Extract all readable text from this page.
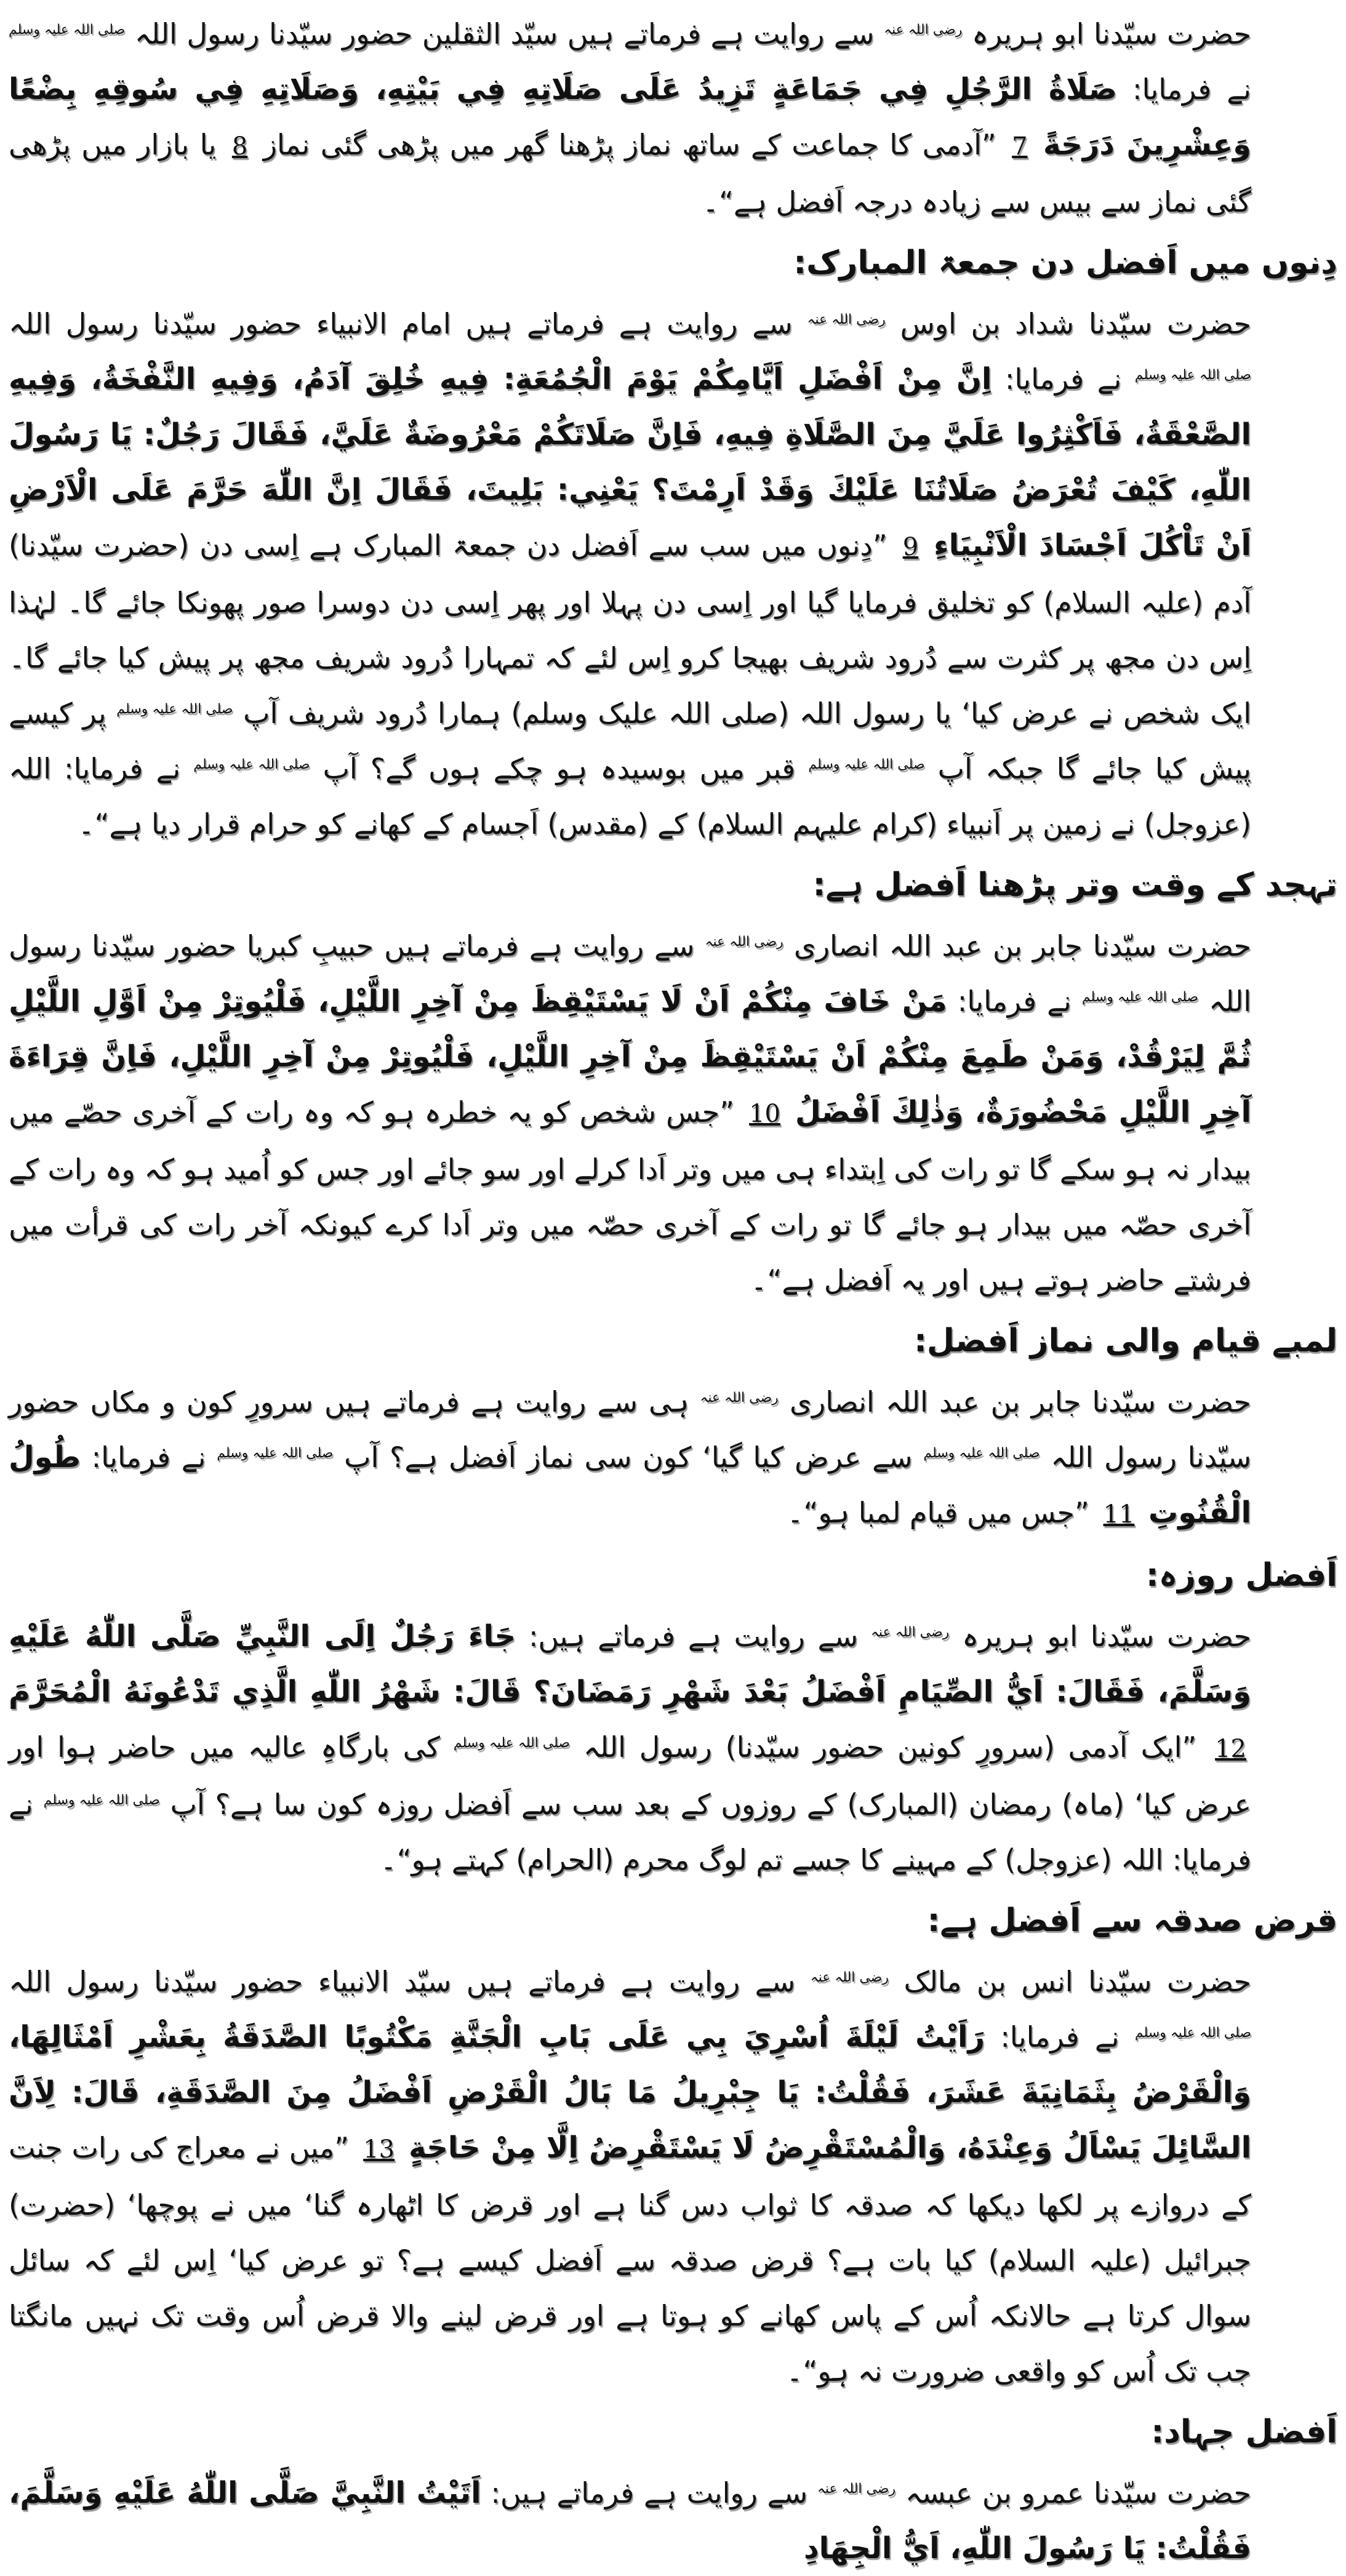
حضرت سیّدنا ابو ہریرہ رضی اللہ عنہ سے روایت ہے فرماتے ہیں سیّد الثقلین حضور سیّدنا رسول اللہ صلی اللہ علیہ وسلم نے فرمایا: صَلَاةُ الرَّجُلِ فِي جَمَاعَةٍ تَزِيدُ عَلَى صَلَاتِهِ فِي بَيْتِهِ، وَصَلَاتِهِ فِي سُوقِهِ بِضْعًا وَعِشْرِينَ دَرَجَةً 7 ”آدمی کا جماعت کے ساتھ نماز پڑھنا گھر میں پڑھی گئی نماز 8 یا بازار میں پڑھی گئی نماز سے بیس سے زیادہ درجہ اَفضل ہے“۔

دِنوں میں اَفضل دن جمعۃ المبارک:

حضرت سیّدنا شداد بن اوس رضی اللہ عنہ سے روایت ہے فرماتے ہیں امام الانبیاء حضور سیّدنا رسول اللہ صلی اللہ علیہ وسلم نے فرمایا: اِنَّ مِنْ اَفْضَلِ اَيَّامِكُمْ يَوْمَ الْجُمُعَةِ: فِيهِ خُلِقَ آدَمُ، وَفِيهِ النَّفْخَةُ، وَفِيهِ الصَّعْقَةُ، فَاَكْثِرُوا عَلَيَّ مِنَ الصَّلَاةِ فِيهِ، فَاِنَّ صَلَاتَكُمْ مَعْرُوضَةٌ عَلَيَّ، فَقَالَ رَجُلٌ: يَا رَسُولَ اللّٰهِ، كَيْفَ تُعْرَضُ صَلَاتُنَا عَلَيْكَ وَقَدْ اَرِمْتَ؟ يَعْنِي: بَلِيتَ، فَقَالَ اِنَّ اللّٰهَ حَرَّمَ عَلَى الْاَرْضِ اَنْ تَاْكُلَ اَجْسَادَ الْاَنْبِيَاءِ 9 ”دِنوں میں سب سے اَفضل دن جمعۃ المبارک ہے اِسی دن (حضرت سیّدنا) آدم (علیہ السلام) کو تخلیق فرمایا گیا اور اِسی دن پہلا اور پھر اِسی دن دوسرا صور پھونکا جائے گا۔ لہٰذا اِس دن مجھ پر کثرت سے دُرود شریف بھیجا کرو اِس لئے کہ تمہارا دُرود شریف مجھ پر پیش کیا جائے گا۔ ایک شخص نے عرض کیا‘ یا رسول اللہ (صلی اللہ علیک وسلم) ہمارا دُرود شریف آپ صلی اللہ علیہ وسلم پر کیسے پیش کیا جائے گا جبکہ آپ صلی اللہ علیہ وسلم قبر میں بوسیدہ ہو چکے ہوں گے؟ آپ صلی اللہ علیہ وسلم نے فرمایا: اللہ (عزوجل) نے زمین پر اَنبیاء (کرام علیہم السلام) کے (مقدس) اَجسام کے کھانے کو حرام قرار دیا ہے“۔

تہجد کے وقت وتر پڑھنا اَفضل ہے:

حضرت سیّدنا جابر بن عبد اللہ انصاری رضی اللہ عنہ سے روایت ہے فرماتے ہیں حبیبِ کبریا حضور سیّدنا رسول اللہ صلی اللہ علیہ وسلم نے فرمایا: مَنْ خَافَ مِنْكُمْ اَنْ لَا يَسْتَيْقِظَ مِنْ آخِرِ اللَّيْلِ، فَلْيُوتِرْ مِنْ اَوَّلِ اللَّيْلِ ثُمَّ لِيَرْقُدْ، وَمَنْ طَمِعَ مِنْكُمْ اَنْ يَسْتَيْقِظَ مِنْ آخِرِ اللَّيْلِ، فَلْيُوتِرْ مِنْ آخِرِ اللَّيْلِ، فَاِنَّ قِرَاءَةَ آخِرِ اللَّيْلِ مَحْضُورَةٌ، وَذٰلِكَ اَفْضَلُ 10 ”جس شخص کو یہ خطرہ ہو کہ وہ رات کے آخری حصّے میں بیدار نہ ہو سکے گا تو رات کی اِبتداء ہی میں وتر اَدا کرلے اور سو جائے اور جس کو اُمید ہو کہ وہ رات کے آخری حصّہ میں بیدار ہو جائے گا تو رات کے آخری حصّہ میں وتر اَدا کرے کیونکہ آخر رات کی قرأت میں فرشتے حاضر ہوتے ہیں اور یہ اَفضل ہے“۔

لمبے قیام والی نماز اَفضل:

حضرت سیّدنا جابر بن عبد اللہ انصاری رضی اللہ عنہ ہی سے روایت ہے فرماتے ہیں سرورِ کون و مکاں حضور سیّدنا رسول اللہ صلی اللہ علیہ وسلم سے عرض کیا گیا‘ کون سی نماز اَفضل ہے؟ آپ صلی اللہ علیہ وسلم نے فرمایا: طُولُ الْقُنُوتِ 11 ”جس میں قیام لمبا ہو“۔

اَفضل روزہ:

حضرت سیّدنا ابو ہریرہ رضی اللہ عنہ سے روایت ہے فرماتے ہیں: جَاءَ رَجُلٌ اِلَى النَّبِيِّ صَلَّى اللّٰهُ عَلَيْهِ وَسَلَّمَ، فَقَالَ: اَيُّ الصِّيَامِ اَفْضَلُ بَعْدَ شَهْرِ رَمَضَانَ؟ قَالَ: شَهْرُ اللّٰهِ الَّذِي تَدْعُونَهُ الْمُحَرَّمَ 12 ”ایک آدمی (سرورِ کونین حضور سیّدنا) رسول اللہ صلی اللہ علیہ وسلم کی بارگاہِ عالیہ میں حاضر ہوا اور عرض کیا‘ (ماہ) رمضان (المبارک) کے روزوں کے بعد سب سے اَفضل روزہ کون سا ہے؟ آپ صلی اللہ علیہ وسلم نے فرمایا: اللہ (عزوجل) کے مہینے کا جسے تم لوگ محرم (الحرام) کہتے ہو“۔

قرض صدقہ سے اَفضل ہے:

حضرت سیّدنا انس بن مالک رضی اللہ عنہ سے روایت ہے فرماتے ہیں سیّد الانبیاء حضور سیّدنا رسول اللہ صلی اللہ علیہ وسلم نے فرمایا: رَاَيْتُ لَيْلَةَ اُسْرِيَ بِي عَلَى بَابِ الْجَنَّةِ مَكْتُوبًا الصَّدَقَةُ بِعَشْرِ اَمْثَالِهَا، وَالْقَرْضُ بِثَمَانِيَةَ عَشَرَ، فَقُلْتُ: يَا جِبْرِيلُ مَا بَالُ الْقَرْضِ اَفْضَلُ مِنَ الصَّدَقَةِ، قَالَ: لِاَنَّ السَّائِلَ يَسْاَلُ وَعِنْدَهُ، وَالْمُسْتَقْرِضُ لَا يَسْتَقْرِضُ اِلَّا مِنْ حَاجَةٍ 13 ”میں نے معراج کی رات جنت کے دروازے پر لکھا دیکھا کہ صدقہ کا ثواب دس گنا ہے اور قرض کا اٹھارہ گنا‘ میں نے پوچھا‘ (حضرت) جبرائیل (علیہ السلام) کیا بات ہے؟ قرض صدقہ سے اَفضل کیسے ہے؟ تو عرض کیا‘ اِس لئے کہ سائل سوال کرتا ہے حالانکہ اُس کے پاس کھانے کو ہوتا ہے اور قرض لینے والا قرض اُس وقت تک نہیں مانگتا جب تک اُس کو واقعی ضرورت نہ ہو“۔

اَفضل جہاد:

حضرت سیّدنا عمرو بن عبسہ رضی اللہ عنہ سے روایت ہے فرماتے ہیں: اَتَيْتُ النَّبِيَّ صَلَّى اللّٰهُ عَلَيْهِ وَسَلَّمَ، فَقُلْتُ: يَا رَسُولَ اللّٰهِ، اَيُّ الْجِهَادِ
